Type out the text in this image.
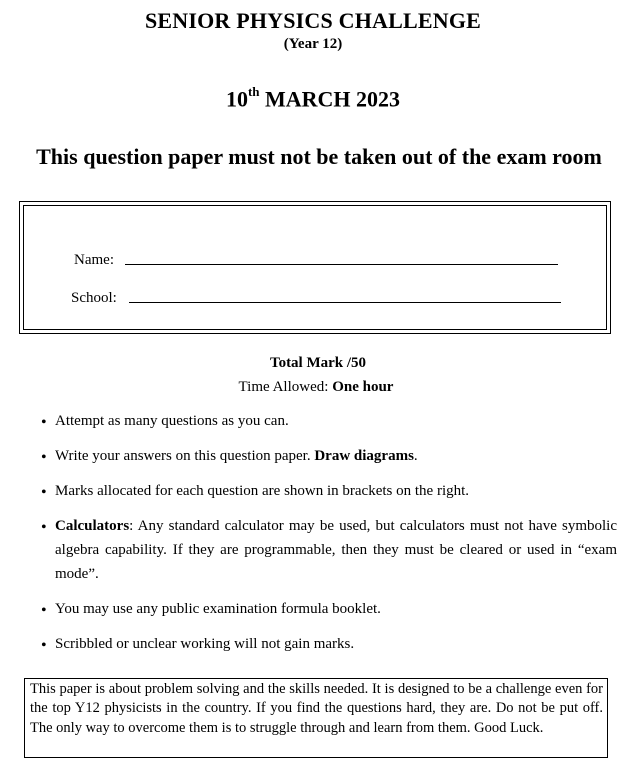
SENIOR PHYSICS CHALLENGE
(Year 12)
10th MARCH 2023
This question paper must not be taken out of the exam room
Name:
School:
Total Mark /50
Time Allowed: One hour
• Attempt as many questions as you can.
• Write your answers on this question paper. Draw diagrams.
• Marks allocated for each question are shown in brackets on the right.
• Calculators: Any standard calculator may be used, but calculators must not have symbolic algebra capability. If they are programmable, then they must be cleared or used in “exam mode”.
• You may use any public examination formula booklet.
• Scribbled or unclear working will not gain marks.
This paper is about problem solving and the skills needed. It is designed to be a challenge even for the top Y12 physicists in the country. If you find the questions hard, they are. Do not be put off. The only way to overcome them is to struggle through and learn from them. Good Luck.
